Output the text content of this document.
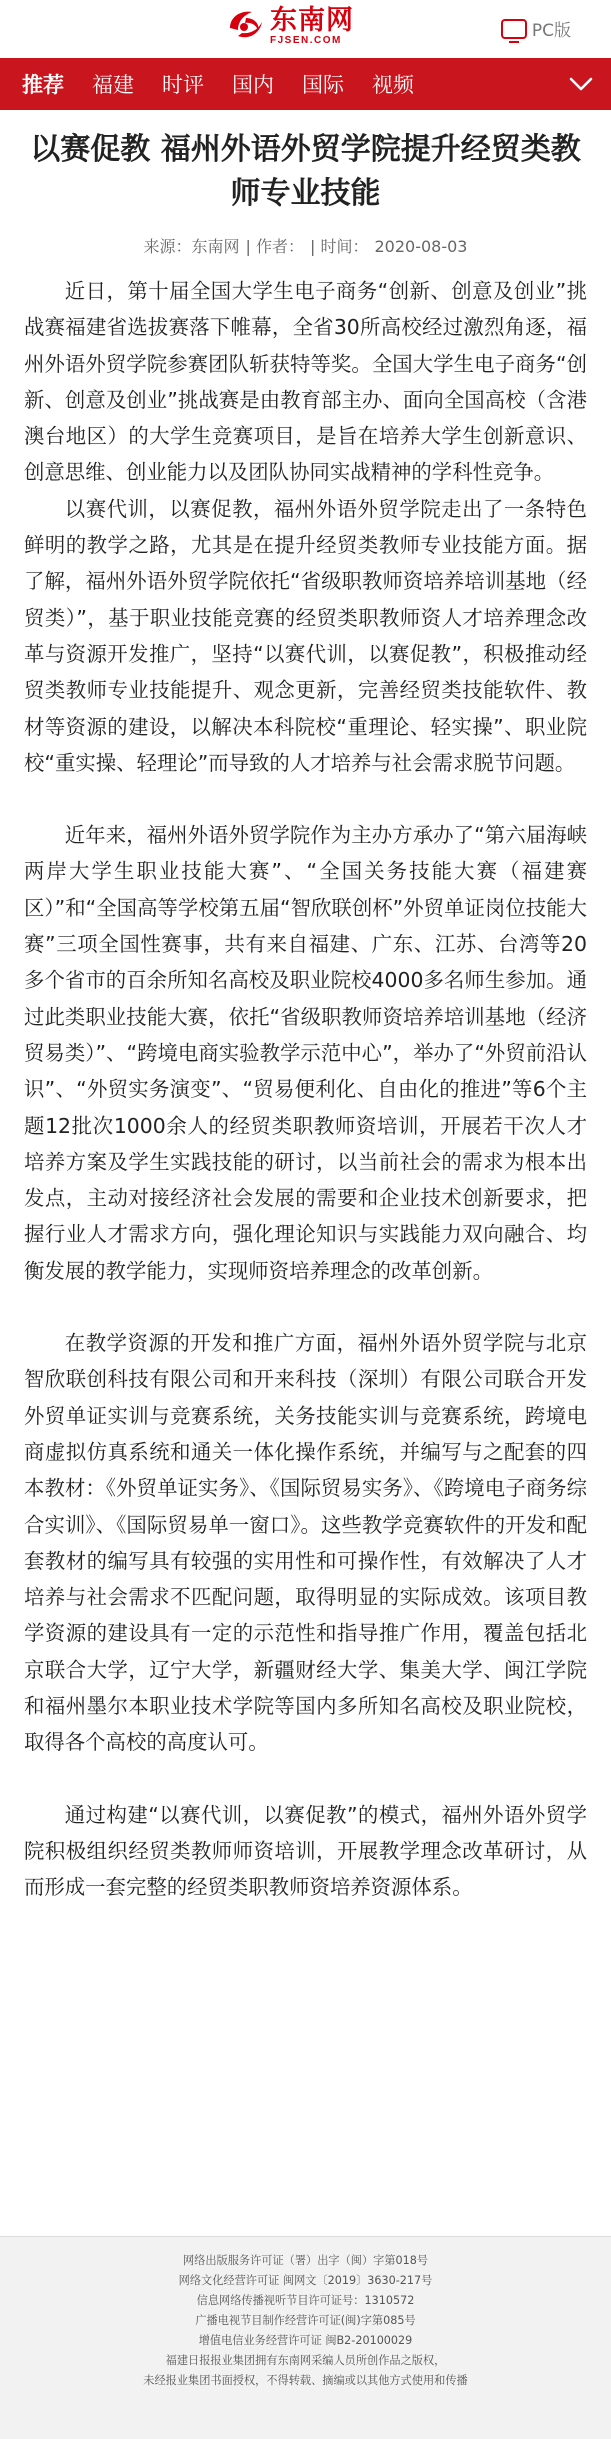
东南网
FJSEN.COM	PC版
推荐 福建 时评 国内 国际 视频
以赛促教 福州外语外贸学院提升经贸类教师专业技能
来源：东南网 | 作者： | 时间： 2020-08-03

近日，第十届全国大学生电子商务“创新、创意及创业”挑战赛福建省选拔赛落下帷幕，全省30所高校经过激烈角逐，福州外语外贸学院参赛团队斩获特等奖。全国大学生电子商务“创新、创意及创业”挑战赛是由教育部主办、面向全国高校（含港澳台地区）的大学生竞赛项目，是旨在培养大学生创新意识、创意思维、创业能力以及团队协同实战精神的学科性竞争。

以赛代训，以赛促教，福州外语外贸学院走出了一条特色鲜明的教学之路，尤其是在提升经贸类教师专业技能方面。据了解，福州外语外贸学院依托“省级职教师资培养培训基地（经贸类）”，基于职业技能竞赛的经贸类职教师资人才培养理念改革与资源开发推广，坚持“以赛代训，以赛促教”，积极推动经贸类教师专业技能提升、观念更新，完善经贸类技能软件、教材等资源的建设，以解决本科院校“重理论、轻实操”、职业院校“重实操、轻理论”而导致的人才培养与社会需求脱节问题。

近年来，福州外语外贸学院作为主办方承办了“第六届海峡两岸大学生职业技能大赛”、“全国关务技能大赛（福建赛区）”和“全国高等学校第五届“智欣联创杯”外贸单证岗位技能大赛”三项全国性赛事，共有来自福建、广东、江苏、台湾等20多个省市的百余所知名高校及职业院校4000多名师生参加。通过此类职业技能大赛，依托“省级职教师资培养培训基地（经济贸易类）”、“跨境电商实验教学示范中心”，举办了“外贸前沿认识”、“外贸实务演变”、“贸易便利化、自由化的推进”等6个主题12批次1000余人的经贸类职教师资培训，开展若干次人才培养方案及学生实践技能的研讨，以当前社会的需求为根本出发点，主动对接经济社会发展的需要和企业技术创新要求，把握行业人才需求方向，强化理论知识与实践能力双向融合、均衡发展的教学能力，实现师资培养理念的改革创新。

在教学资源的开发和推广方面，福州外语外贸学院与北京智欣联创科技有限公司和开来科技（深圳）有限公司联合开发外贸单证实训与竞赛系统，关务技能实训与竞赛系统，跨境电商虚拟仿真系统和通关一体化操作系统，并编写与之配套的四本教材：《外贸单证实务》、《国际贸易实务》、《跨境电子商务综合实训》、《国际贸易单一窗口》。这些教学竞赛软件的开发和配套教材的编写具有较强的实用性和可操作性，有效解决了人才培养与社会需求不匹配问题，取得明显的实际成效。该项目教学资源的建设具有一定的示范性和指导推广作用，覆盖包括北京联合大学，辽宁大学，新疆财经大学、集美大学、闽江学院和福州墨尔本职业技术学院等国内多所知名高校及职业院校，取得各个高校的高度认可。

通过构建“以赛代训，以赛促教”的模式，福州外语外贸学院积极组织经贸类教师师资培训，开展教学理念改革研讨，从而形成一套完整的经贸类职教师资培养资源体系。

网络出版服务许可证（署）出字（闽）字第018号
网络文化经营许可证 闽网文〔2019〕3630-217号
信息网络传播视听节目许可证号：1310572
广播电视节目制作经营许可证(闽)字第085号
增值电信业务经营许可证 闽B2-20100029
福建日报报业集团拥有东南网采编人员所创作品之版权，
未经报业集团书面授权，不得转载、摘编或以其他方式使用和传播
